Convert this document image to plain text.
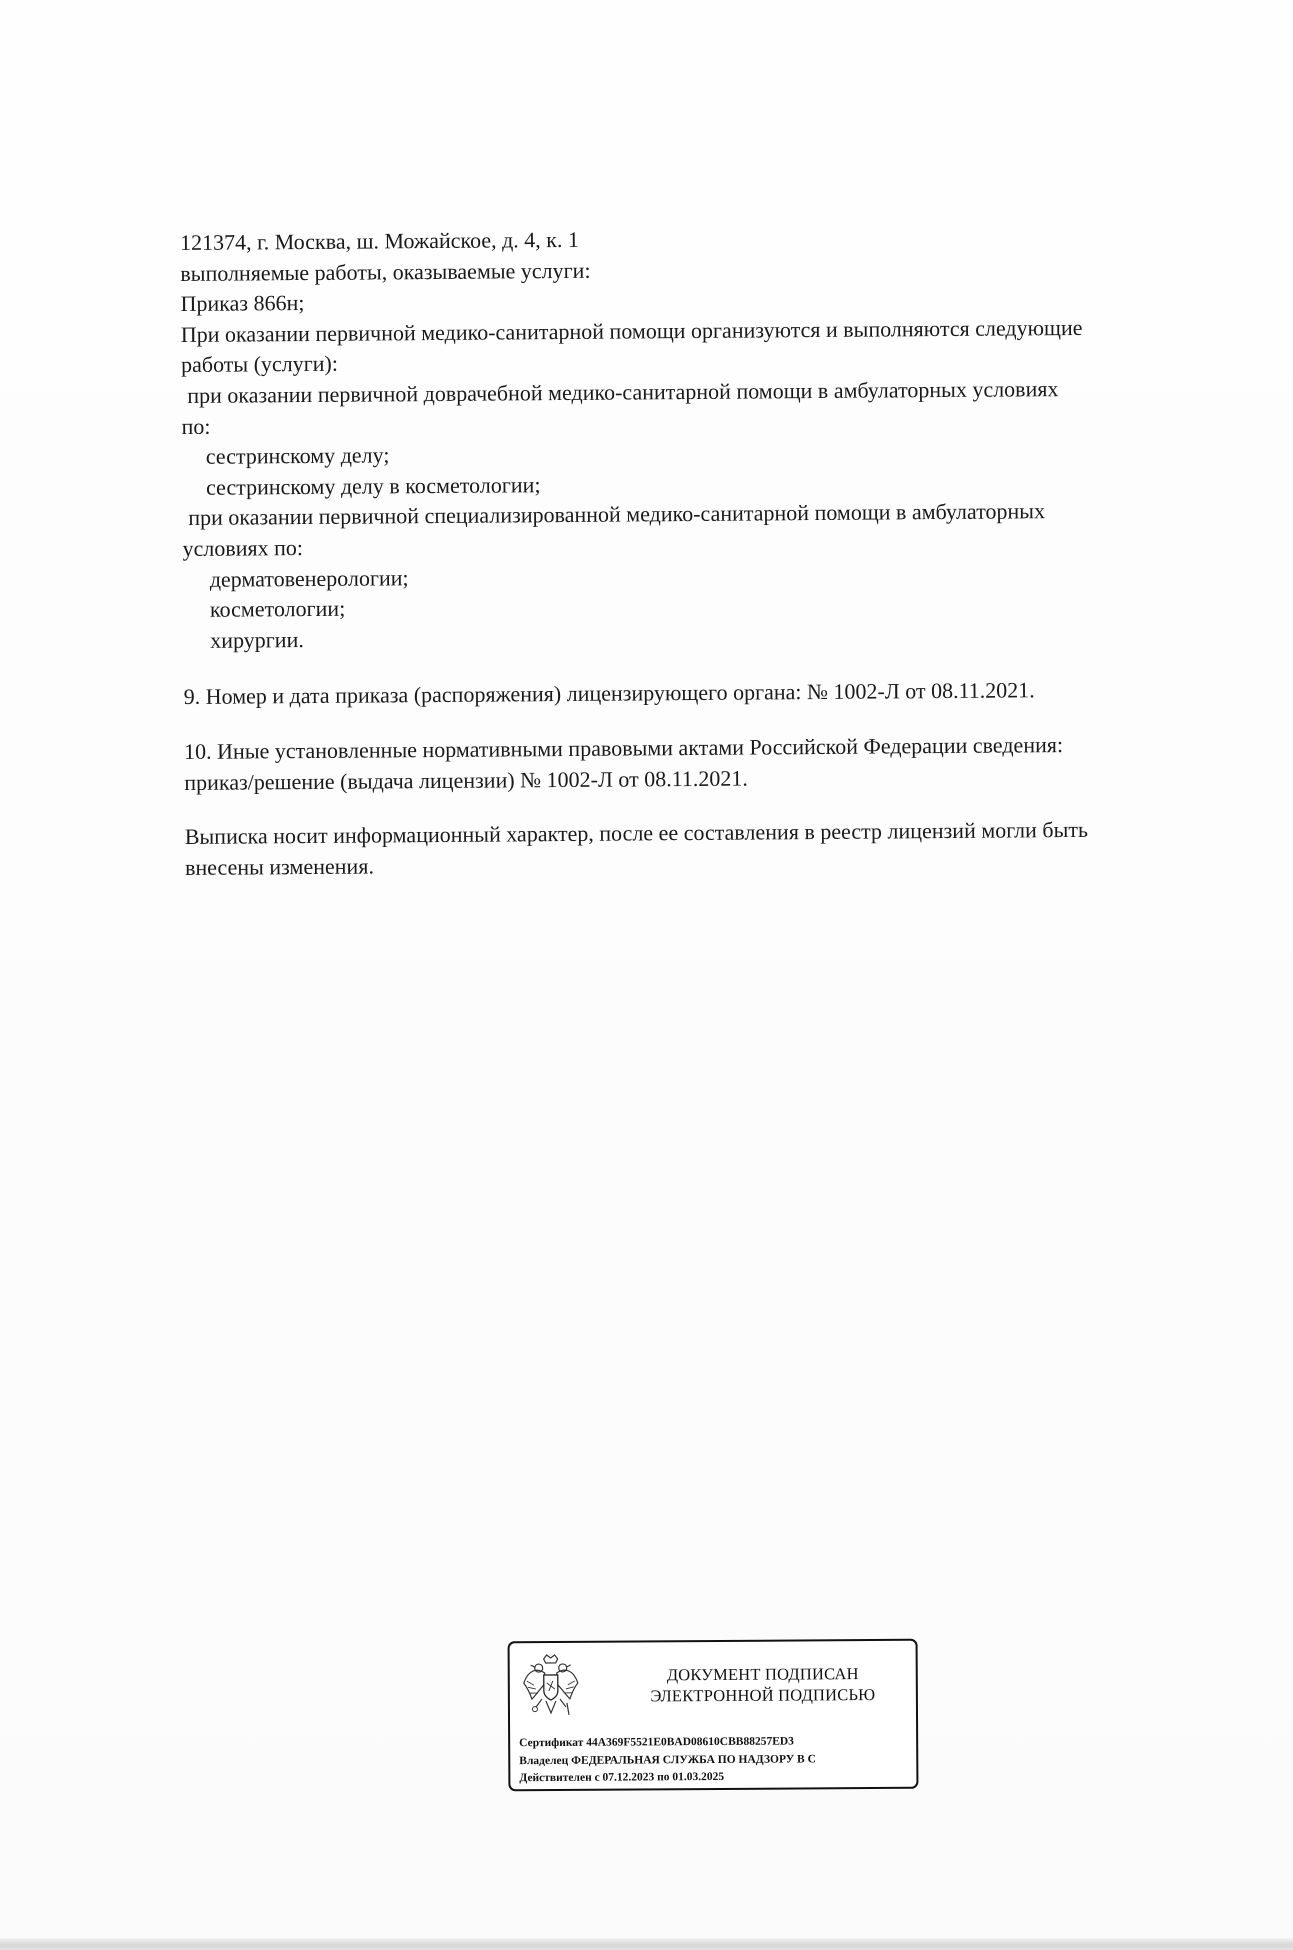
121374, г. Москва, ш. Можайское, д. 4, к. 1

выполняемые работы, оказываемые услуги:

Приказ 866н;

При оказании первичной медико-санитарной помощи организуются и выполняются следующие

работы (услуги):

при оказании первичной доврачебной медико-санитарной помощи в амбулаторных условиях

по:

сестринскому делу;

сестринскому делу в косметологии;

при оказании первичной специализированной медико-санитарной помощи в амбулаторных

условиях по:

дерматовенерологии;

косметологии;

хирургии.

9. Номер и дата приказа (распоряжения) лицензирующего органа: № 1002-Л от 08.11.2021.

10. Иные установленные нормативными правовыми актами Российской Федерации сведения:

приказ/решение (выдача лицензии) № 1002-Л от 08.11.2021.

Выписка носит информационный характер, после ее составления в реестр лицензий могли быть

внесены изменения.

ДОКУМЕНТ ПОДПИСАН
ЭЛЕКТРОННОЙ ПОДПИСЬЮ

Сертификат 44A369F5521E0BAD08610CBB88257ED3

Владелец ФЕДЕРАЛЬНАЯ СЛУЖБА ПО НАДЗОРУ В С

Действителен с 07.12.2023 по 01.03.2025
